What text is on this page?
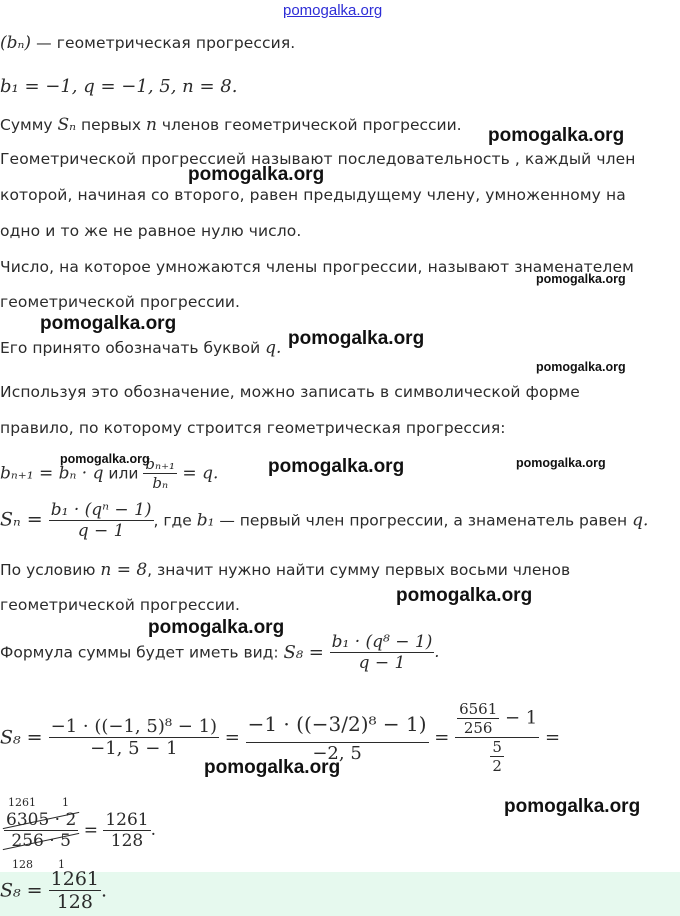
pomogalka.org
(bₙ) — геометрическая прогрессия.
b₁ = −1, q = −1, 5, n = 8.
Сумму Sₙ первых n членов геометрической прогрессии.
Геометрической прогрессией называют последовательность , каждый член
которой, начиная со второго, равен предыдущему члену, умноженному на
одно и то же не равное нулю число.
Число, на которое умножаются члены прогрессии, называют знаменателем
геометрической прогрессии.
Его принято обозначать буквой q.
Используя это обозначение, можно записать в символической форме
правило, по которому строится геометрическая прогрессия:
bₙ₊₁ = bₙ · q или $\frac{\text{bₙ₊₁}}{\text{bₙ}} = q$.
$S_n = \frac{\text{b₁ · (qⁿ − 1)}}{q - 1}$ , где b₁ — первый член прогрессии, а знаменатель равен q.
По условию n = 8, значит нужно найти сумму первых восьми членов
геометрической прогрессии.
Формула суммы будет иметь вид: $S_8 = \frac{\text{b₁ · (q⁸ − 1)}}{q - 1}$ .
$S_8 = \frac{\text{−1 · ((−1, 5)⁸ − 1)}}{-1, 5 - 1} = \frac{\text{−1 · ((−3/2)⁸ − 1)}}{-2, 5} = \frac{\frac{6561}{256} - 1}{\frac{5}{2}}$ =
1261 1
$\frac{6305 \cdot 2}{256 \cdot 5} = \frac{1261}{128}$ .
128 1
$S_8 = \frac{1261}{128}$ .
pomogalka.org
pomogalka.org
pomogalka.org
pomogalka.org
pomogalka.org
pomogalka.org
pomogalka.org	pomogalka.org	pomogalka.org
pomogalka.org
pomogalka.org
pomogalka.org
pomogalka.org
